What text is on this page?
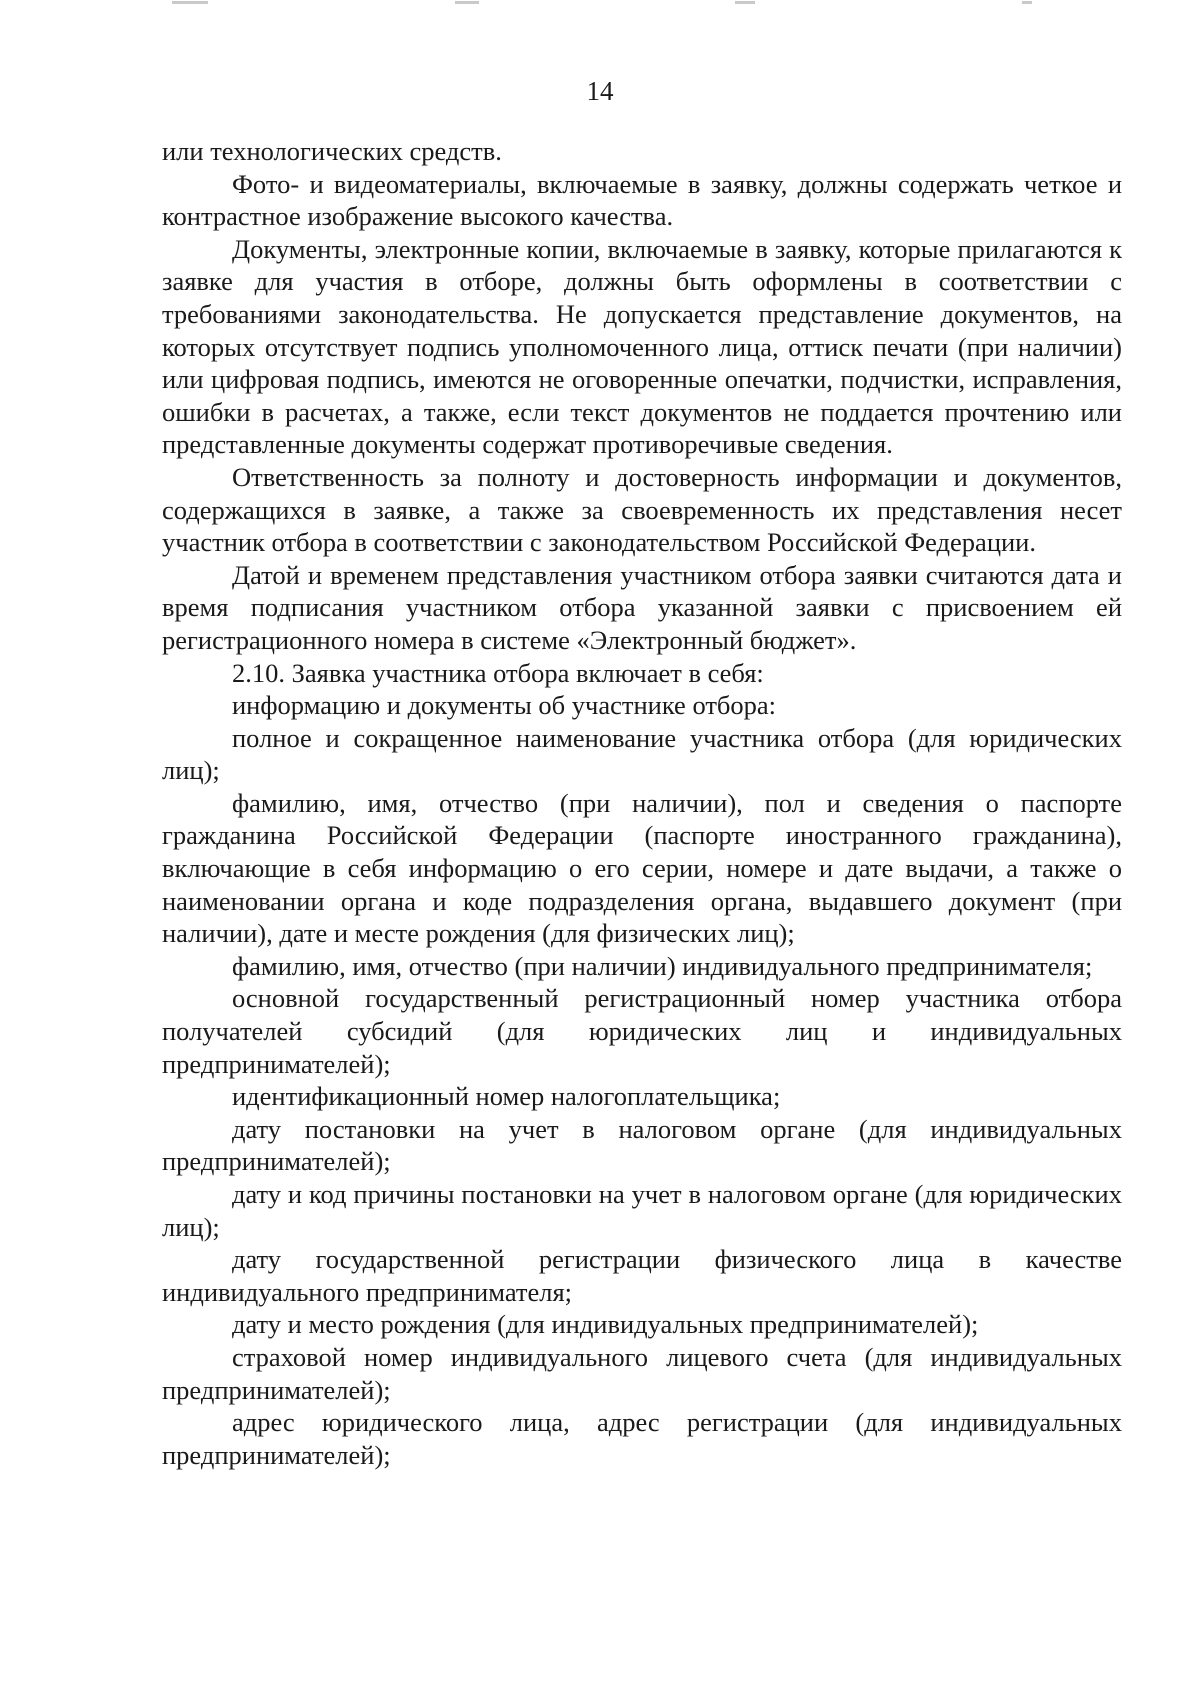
14

или технологических средств.

Фото- и видеоматериалы, включаемые в заявку, должны содержать четкое и контрастное изображение высокого качества.

Документы, электронные копии, включаемые в заявку, которые прилагаются к заявке для участия в отборе, должны быть оформлены в соответствии с требованиями законодательства. Не допускается представление документов, на которых отсутствует подпись уполномоченного лица, оттиск печати (при наличии) или цифровая подпись, имеются не оговоренные опечатки, подчистки, исправления, ошибки в расчетах, а также, если текст документов не поддается прочтению или представленные документы содержат противоречивые сведения.

Ответственность за полноту и достоверность информации и документов, содержащихся в заявке, а также за своевременность их представления несет участник отбора в соответствии с законодательством Российской Федерации.

Датой и временем представления участником отбора заявки считаются дата и время подписания участником отбора указанной заявки с присвоением ей регистрационного номера в системе «Электронный бюджет».

2.10. Заявка участника отбора включает в себя:

информацию и документы об участнике отбора:

полное и сокращенное наименование участника отбора (для юридических лиц);

фамилию, имя, отчество (при наличии), пол и сведения о паспорте гражданина Российской Федерации (паспорте иностранного гражданина), включающие в себя информацию о его серии, номере и дате выдачи, а также о наименовании органа и коде подразделения органа, выдавшего документ (при наличии), дате и месте рождения (для физических лиц);

фамилию, имя, отчество (при наличии) индивидуального предпринимателя;

основной государственный регистрационный номер участника отбора получателей субсидий (для юридических лиц и индивидуальных предпринимателей);

идентификационный номер налогоплательщика;

дату постановки на учет в налоговом органе (для индивидуальных предпринимателей);

дату и код причины постановки на учет в налоговом органе (для юридических лиц);

дату государственной регистрации физического лица в качестве индивидуального предпринимателя;

дату и место рождения (для индивидуальных предпринимателей);

страховой номер индивидуального лицевого счета (для индивидуальных предпринимателей);

адрес юридического лица, адрес регистрации (для индивидуальных предпринимателей);
